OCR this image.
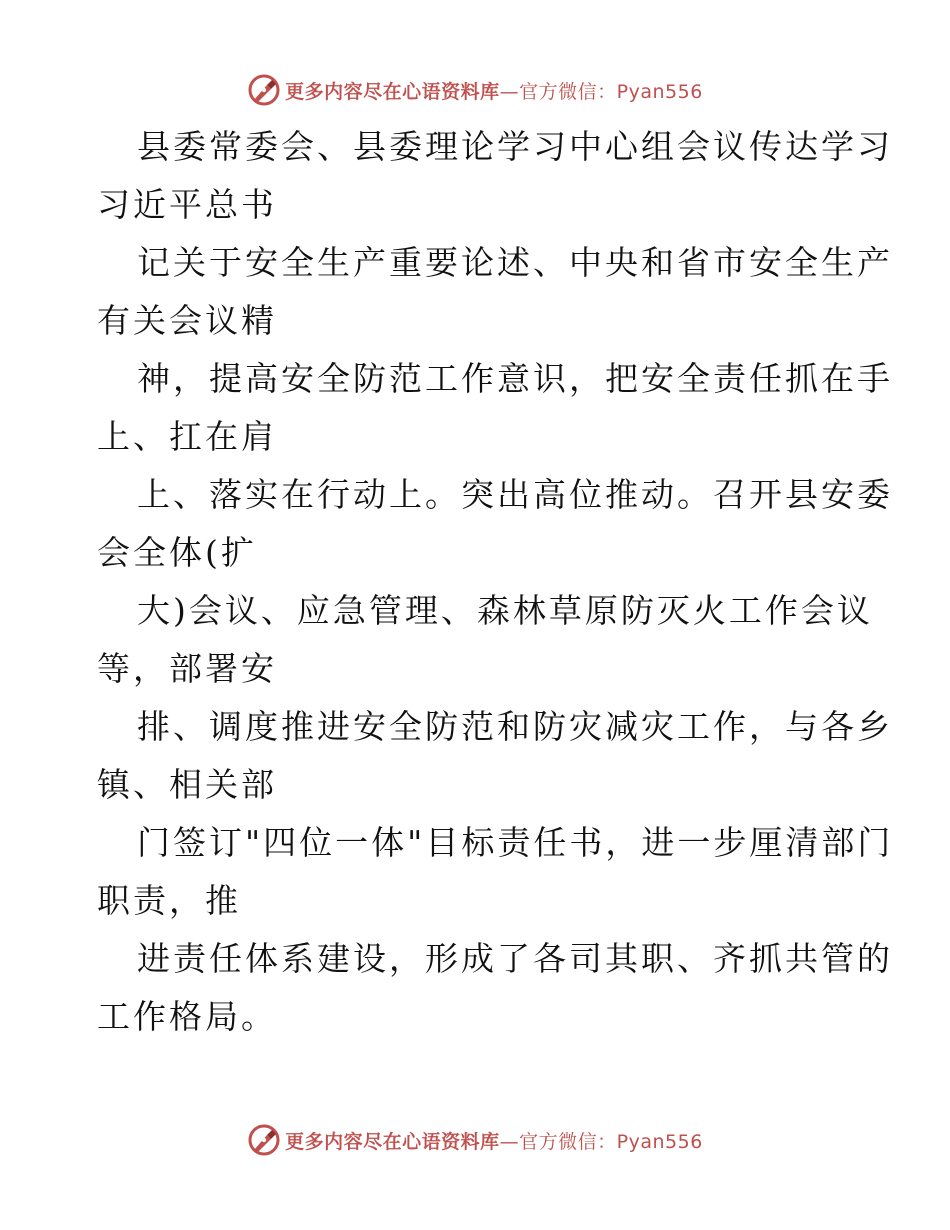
更多内容尽在心语资料库—官方微信：Pyan556
县委常委会、县委理论学习中心组会议传达学习
习近平总书
记关于安全生产重要论述、中央和省市安全生产
有关会议精
神，提高安全防范工作意识，把安全责任抓在手
上、扛在肩
上、落实在行动上。突出高位推动。召开县安委
会全体(扩
大)会议、应急管理、森林草原防灭火工作会议
等，部署安
排、调度推进安全防范和防灾减灾工作，与各乡
镇、相关部
门签订"四位一体"目标责任书，进一步厘清部门
职责，推
进责任体系建设，形成了各司其职、齐抓共管的
工作格局。
更多内容尽在心语资料库—官方微信：Pyan556
